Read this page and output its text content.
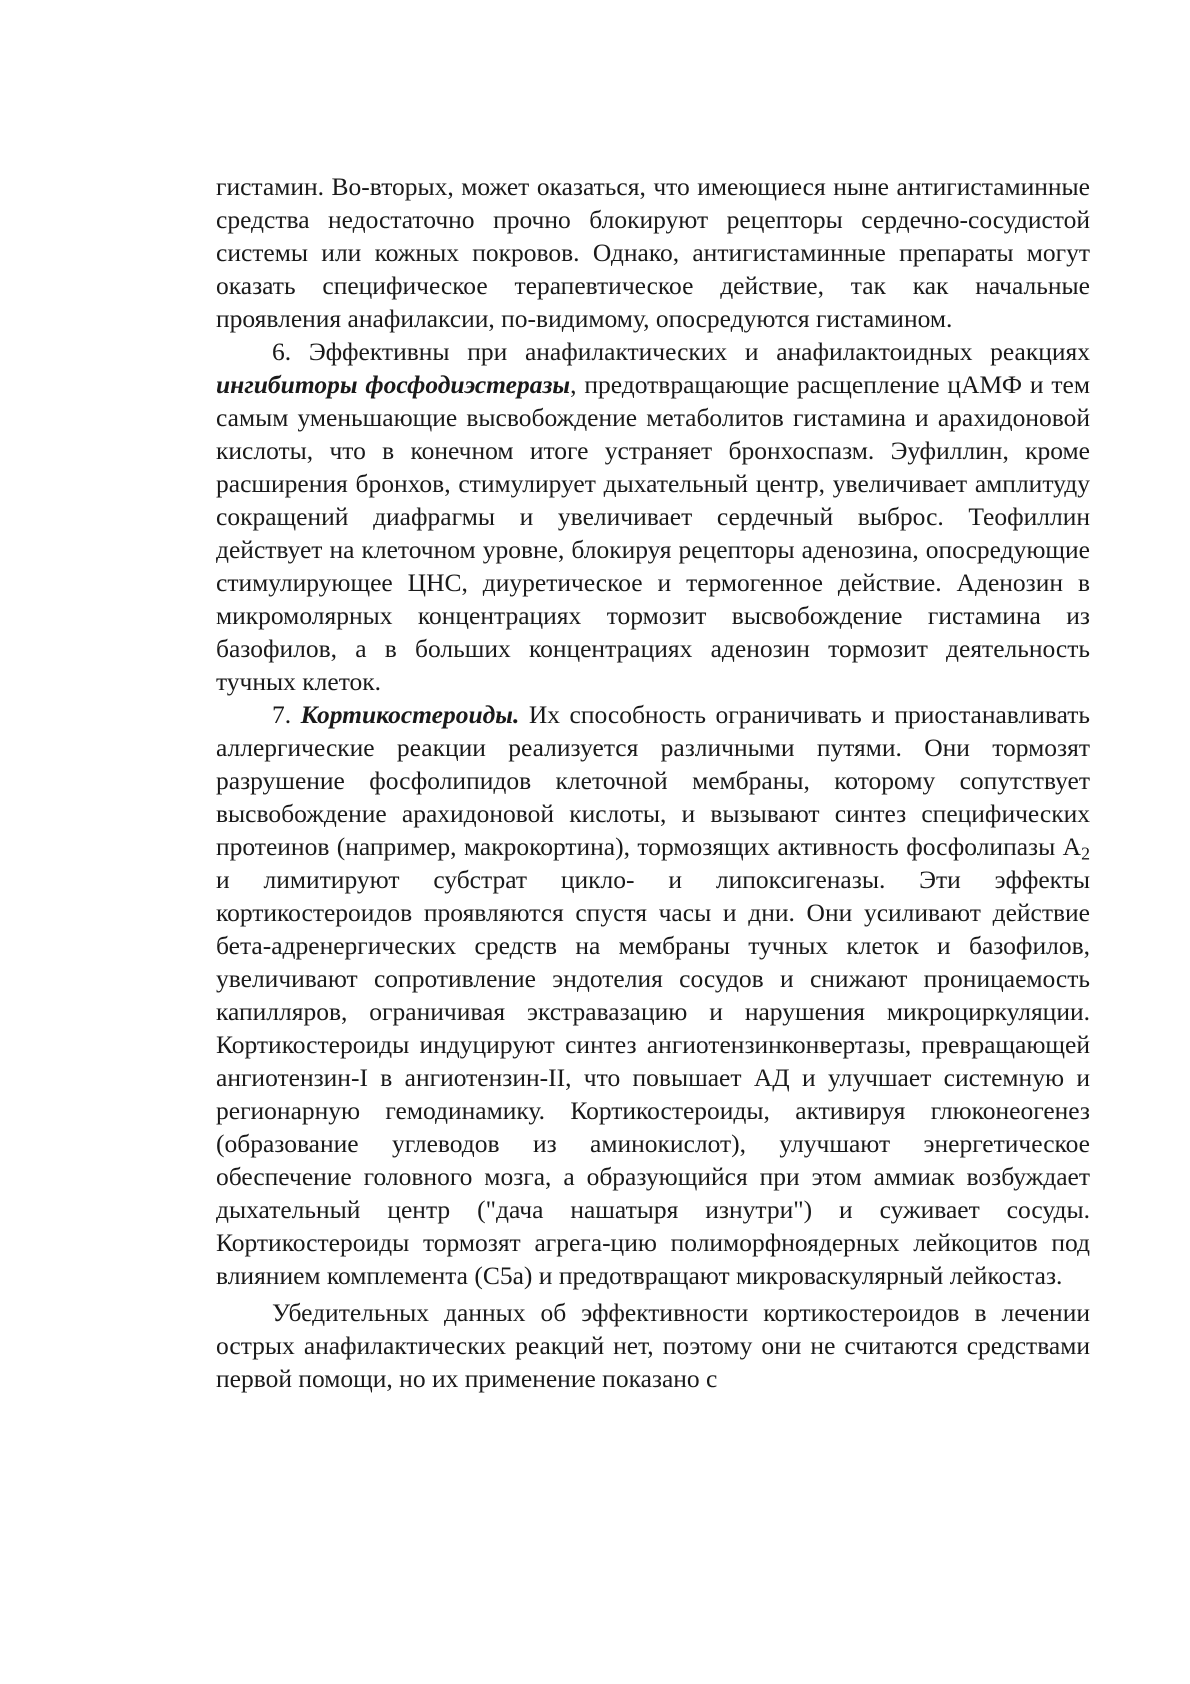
гистамин. Во-вторых, может оказаться, что имеющиеся ныне антигистаминные средства недостаточно прочно блокируют рецепторы сердечно-сосудистой системы или кожных покровов. Однако, антигистаминные препараты могут оказать специфическое терапевтическое действие, так как начальные проявления анафилаксии, по-видимому, опосредуются гистамином.

6. Эффективны при анафилактических и анафилактоидных реакциях ингибиторы фосфодиэстеразы, предотвращающие расщепление цАМФ и тем самым уменьшающие высвобождение метаболитов гистамина и арахидоновой кислоты, что в конечном итоге устраняет бронхоспазм. Эуфиллин, кроме расширения бронхов, стимулирует дыхательный центр, увеличивает амплитуду сокращений диафрагмы и увеличивает сердечный выброс. Теофиллин действует на клеточном уровне, блокируя рецепторы аденозина, опосредующие стимулирующее ЦНС, диуретическое и термогенное действие. Аденозин в микромолярных концентрациях тормозит высвобождение гистамина из базофилов, а в больших концентрациях аденозин тормозит деятельность тучных клеток.

7. Кортикостероиды. Их способность ограничивать и приостанавливать аллергические реакции реализуется различными путями. Они тормозят разрушение фосфолипидов клеточной мембраны, которому сопутствует высвобождение арахидоновой кислоты, и вызывают синтез специфических протеинов (например, макрокортина), тормозящих активность фосфолипазы $А_2$ и лимитируют субстрат цикло- и липоксигеназы. Эти эффекты кортикостероидов проявляются спустя часы и дни. Они усиливают действие бета-адренергических средств на мембраны тучных клеток и базофилов, увеличивают сопротивление эндотелия сосудов и снижают проницаемость капилляров, ограничивая экстравазацию и нарушения микроциркуляции. Кортикостероиды индуцируют синтез ангиотензинконвертазы, превращающей ангиотензин-I в ангиотензин-II, что повышает АД и улучшает системную и регионарную гемодинамику. Кортикостероиды, активируя глюконеогенез (образование углеводов из аминокислот), улучшают энергетическое обеспечение головного мозга, а образующийся при этом аммиак возбуждает дыхательный центр ("дача нашатыря изнутри") и суживает сосуды. Кортикостероиды тормозят агрега-цию полиморфноядерных лейкоцитов под влиянием комплемента (С5а) и предотвращают микроваскулярный лейкостаз.

Убедительных данных об эффективности кортикостероидов в лечении острых анафилактических реакций нет, поэтому они не считаются средствами первой помощи, но их применение показано с
